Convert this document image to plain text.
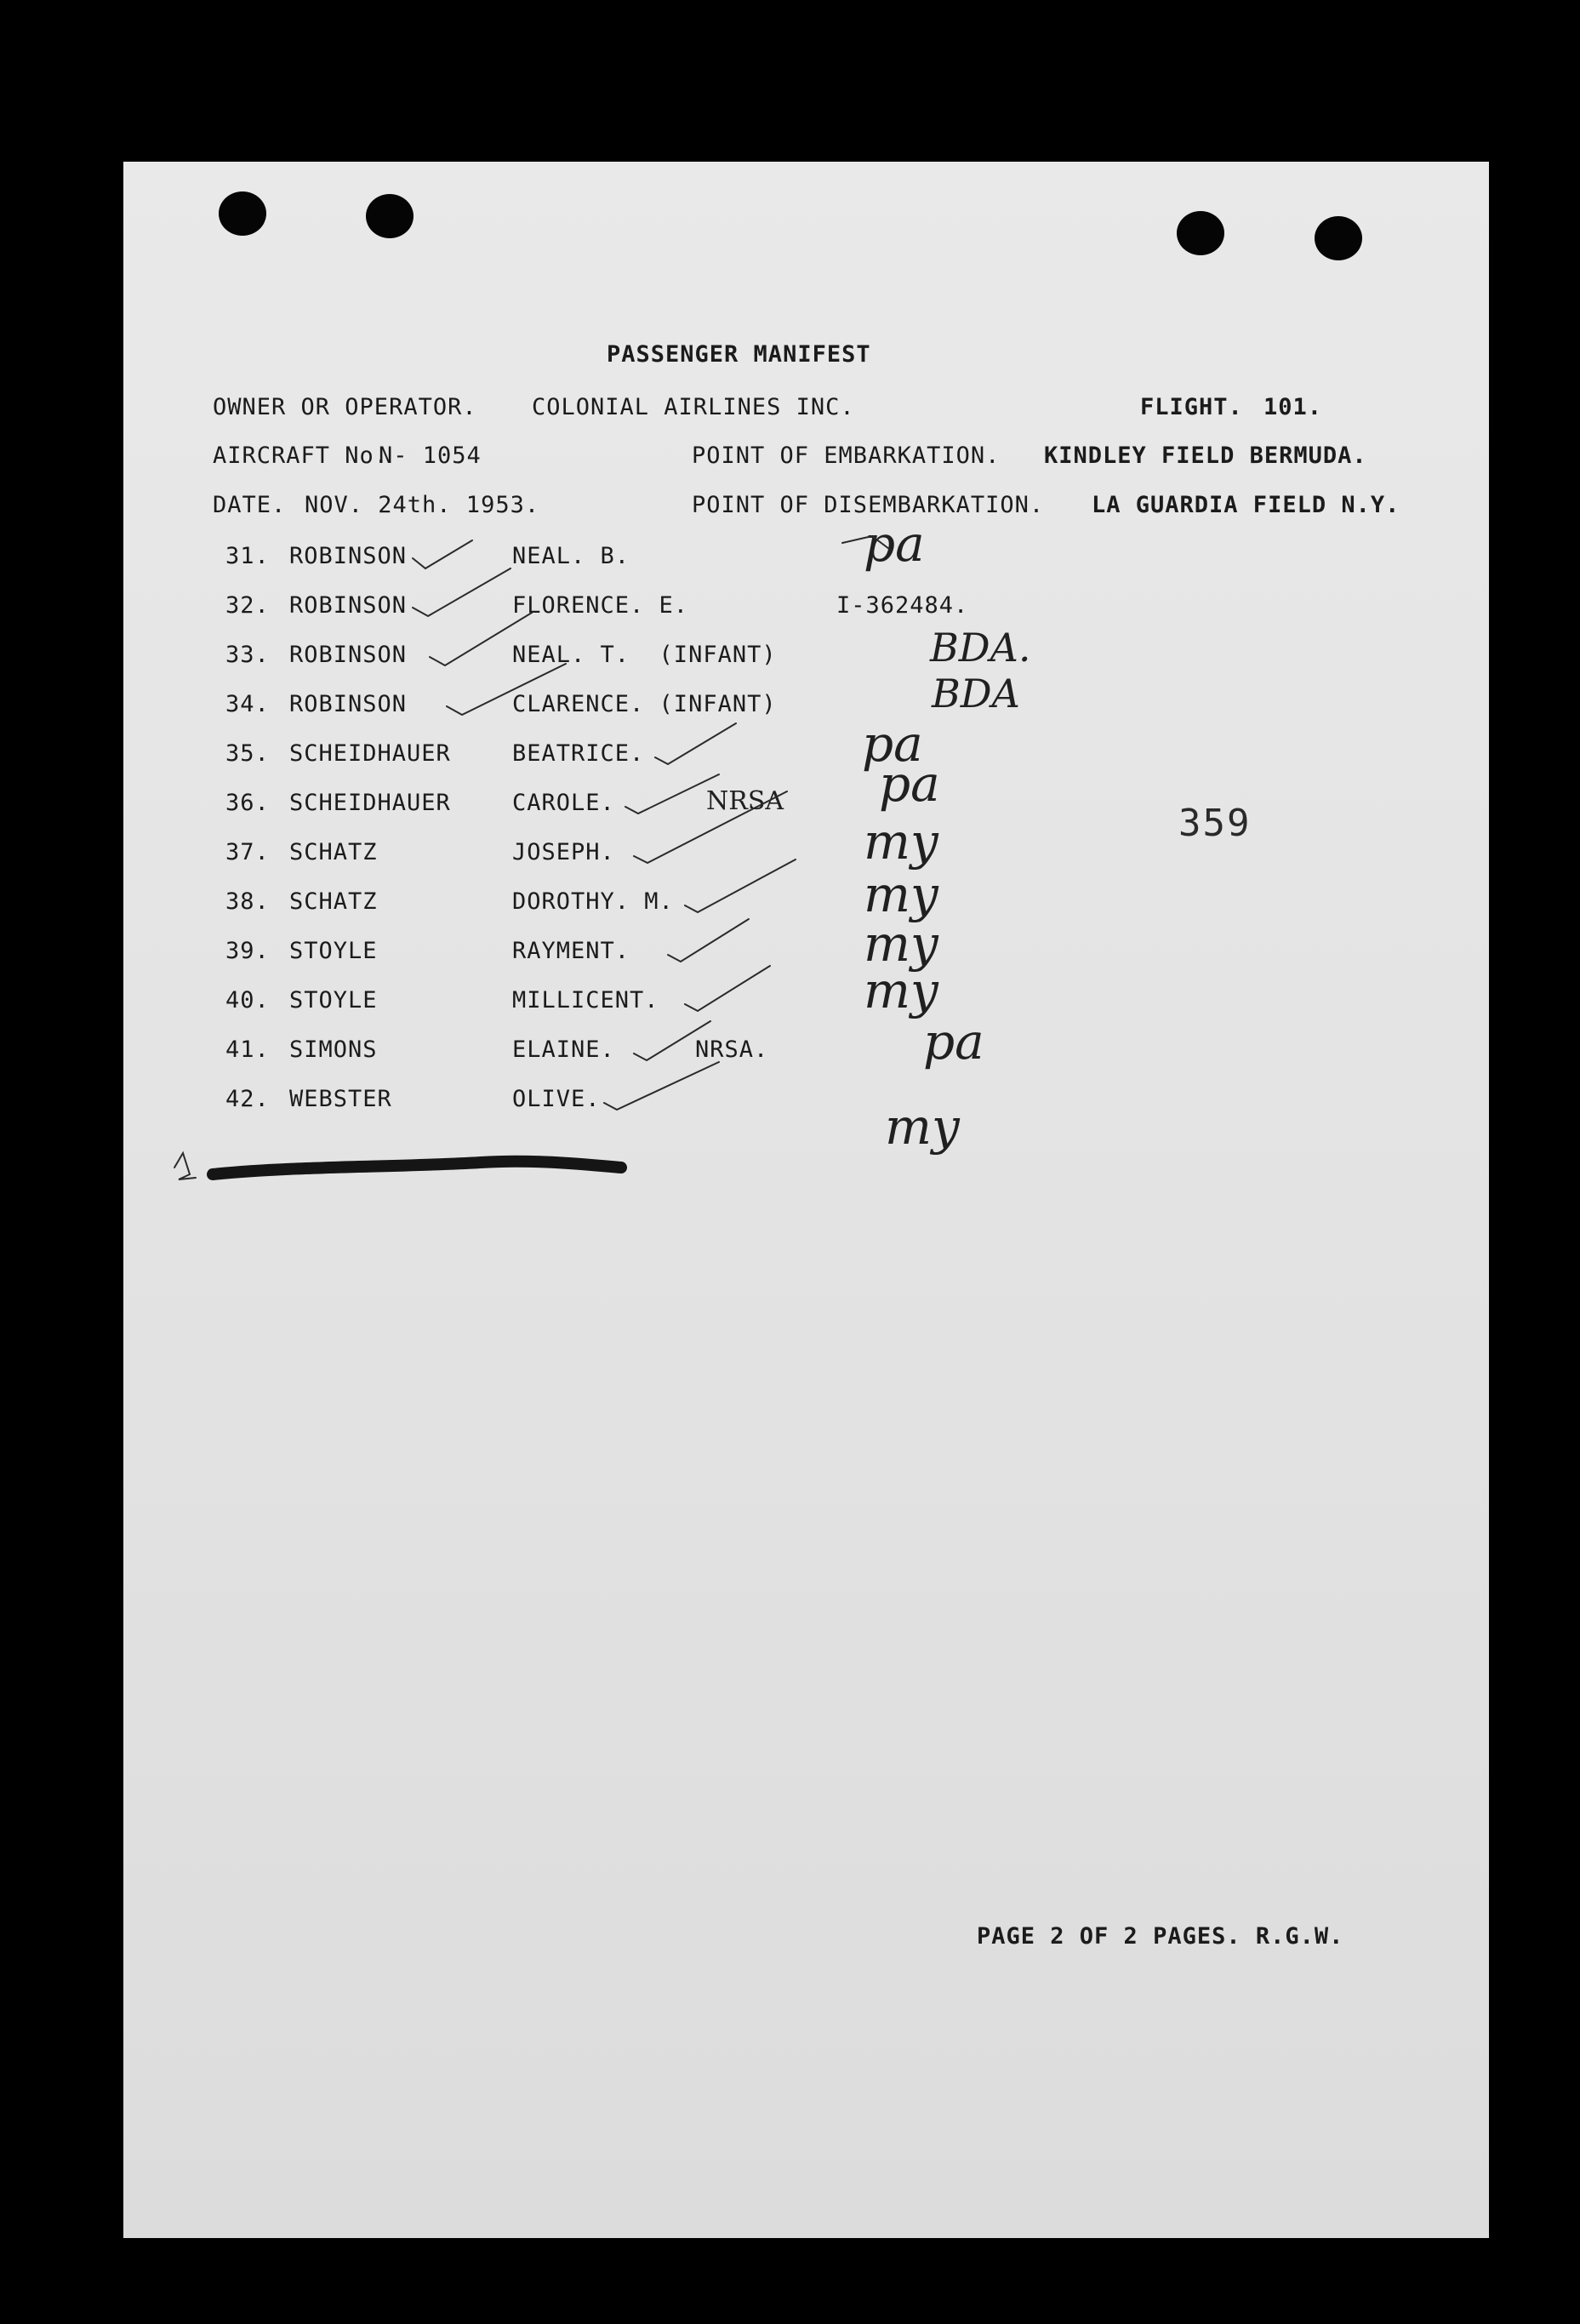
PASSENGER MANIFEST
OWNER OR OPERATOR. COLONIAL AIRLINES INC.	FLIGHT. 101.
AIRCRAFT No.
N- 1054	POINT OF EMBARKATION. KINDLEY FIELD BERMUDA.
DATE. NOV. 24th. 1953.	POINT OF DISEMBARKATION. LA GUARDIA FIELD N.Y.
31. ROBINSON	NEAL. B.	pa
32. ROBINSON	FLORENCE. E.	I-362484.
33. ROBINSON	NEAL. T.  (INFANT)	BDA.
34. ROBINSON	CLARENCE. (INFANT)	BDA
35. SCHEIDHAUER	BEATRICE.	pa
36. SCHEIDHAUER	CAROLE.	NRSA pa
37. SCHATZ	JOSEPH.	my
38. SCHATZ	DOROTHY. M.	my
39. STOYLE	RAYMENT.	my
40. STOYLE	MILLICENT.	my
41. SIMONS	ELAINE.	NRSA.	pa
42. WEBSTER	OLIVE.	my
359
PAGE 2 OF 2 PAGES. R.G.W.
